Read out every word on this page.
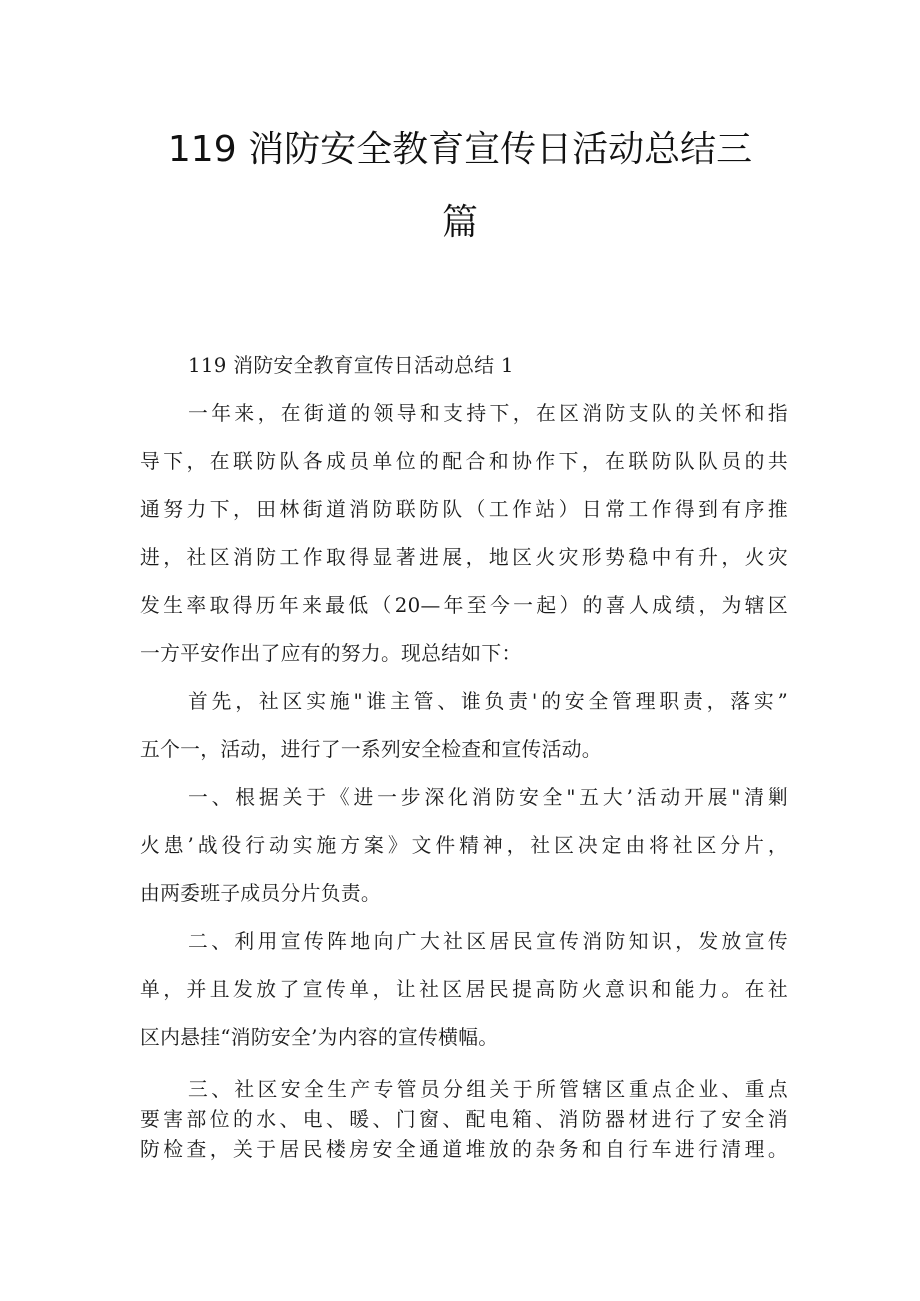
119 消防安全教育宣传日活动总结三
篇
119 消防安全教育宣传日活动总结 1
一年来，在街道的领导和支持下，在区消防支队的关怀和指
导下，在联防队各成员单位的配合和协作下，在联防队队员的共
通努力下，田林街道消防联防队（工作站）日常工作得到有序推
进，社区消防工作取得显著进展，地区火灾形势稳中有升，火灾
发生率取得历年来最低（20—年至今一起）的喜人成绩，为辖区
一方平安作出了应有的努力。现总结如下：
首先，社区实施"谁主管、谁负责'的安全管理职责，落实”
五个一，活动，进行了一系列安全检查和宣传活动。
一、根据关于《进一步深化消防安全"五大’活动开展"清剿
火患’战役行动实施方案》文件精神，社区决定由将社区分片，
由两委班子成员分片负责。
二、利用宣传阵地向广大社区居民宣传消防知识，发放宣传
单，并且发放了宣传单，让社区居民提高防火意识和能力。在社
区内悬挂“消防安全’为内容的宣传横幅。
三、社区安全生产专管员分组关于所管辖区重点企业、重点
要害部位的水、电、暖、门窗、配电箱、消防器材进行了安全消
防检查，关于居民楼房安全通道堆放的杂务和自行车进行清理。
